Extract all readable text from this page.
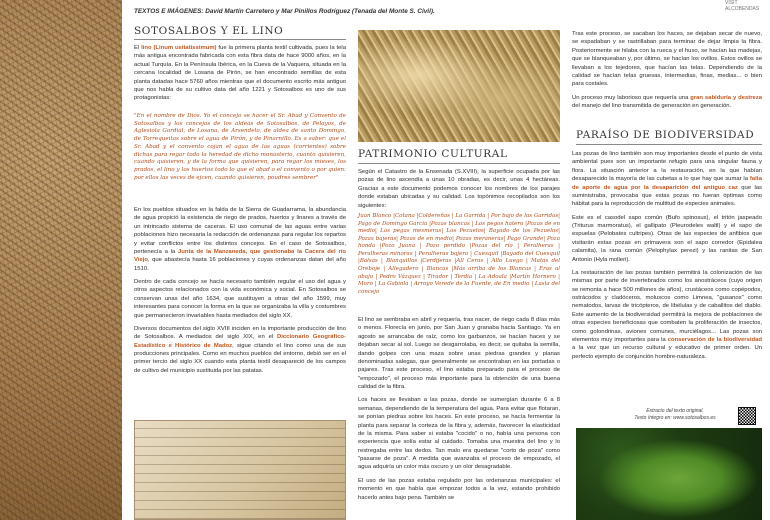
TEXTOS E IMÁGENES: David Martín Carretero y Mar Pinillos Rodríguez (Tenada del Monte S. Civil).
VISIT ALCOBENDAS
SOTOSALBOS Y EL LINO

El lino (Linum usitatissimum) fue la primera planta textil cultivada, pues la tela más antigua encontrada fabricada con esta fibra data de hace 9000 años, en la actual Turquía. En la Península Ibérica, en la Cueva de la Vaquera, situada en la cercana localidad de Losana de Pirón, se han encontrado semillas de esta planta datadas hace 5760 años mientras que el documento escrito más antiguo que nos habla de su cultivo data del año 1221 y Sotosalbos es uno de sus protagonistas:

"En el nombre de Dios. Yo el concejo se hacer el Sr. Abad y Convento de Sotosalbos y los concejos de los aldeas de Sotosalbos, de Pelayos, de Aglesiola Gordial, de Losana, de Arsendelo, de aldea de santo Domingo, de Torrequeitas sobre el agua de Pirón, y de Pinarnillo. Es a saber: que el Sr. Abad y el convento cojan el agua de las aguas (corrientes) sobre dichas para regar todo la heredad de dicho monasterio, cuanto quisieren, cuando quisieren, y de la forma que quisieren, para regar los mieses, los prados, el lino y los huertos todo lo que el abad o el convento o por quien: por ellos las veces de ejcen, cuando quisieren, poudres sembrer"

En los pueblos situados en la falda de la Sierra de Guadarrama, la abundancia de agua propició la existencia de riego de prados, huertos y linares a través de un intrincado sistema de caceras. El uso comunal de las aguas entre varias poblaciones hizo necesaria la redacción de ordenanzas para regular los repartos y evitar conflictos entre los distintos concejos. En el caso de Sotosalbos, pertenecía a la Junta de la Manzaneda, que gestionaba la Cacera del río Viejo, que abastecía hasta 16 poblaciones y cuyas ordenanzas datan del año 1510.

Dentro de cada concejo se hacía necesario también regular el uso del agua y otros aspectos relacionados con la vida económica y social. En Sotosalbos se conservan unas del año 1634, que sustituyen a otras del año 1599, muy interesantes para conocer la forma en la que se organizaba la villa y costumbres que permanecieron invariables hasta mediados del siglo XX.

Diversos documentos del siglo XVIII inciden en la importante producción de lino de Sotosalbos. A mediados del siglo XIX, en el Diccionario Geográfico-Estadístico e Histórico de Madoz, sigue citando el lino como una de sus producciones principales. Como en muchos pueblos del entorno, debió ser en el primer tercio del siglo XX cuando esta planta textil desapareció de los campos de cultivo del municipio sustituida por las patatas.

PATRIMONIO CULTURAL

Según el Catastro de la Ensenada (S.XVIII), la superficie ocupada por las pozas de lino ascendía a unas 10 obradas, es decir, unas 4 hectáreas. Gracias a este documento podemos conocer los nombres de los parajes donde estaban ubicadas y su calidad. Los topónimos recopilados son los siguientes:

Juan Blanco |Cotana |Coldereñas | La Garrida | Por bajo de las Garridas| Pago de Domingo Garcia |Pozas blancas | Los pegos hatero |Pozas de en medio| Las pegas mesmeras| Los Pezuelos| Bayado de los Pezuelos| Pozas bajeras| Pozas de en medio| Pozas meraneras| Pago Grande| Poza honda |Pozo Juana | Pozo perdido |Pozas del río | Peralheras | Peralheras minoras | Peralheras bajera | Cuesquil |Bayado del Cuesquil |Balsas | Blanquillos |Cerdijeras |All Ceras | Allo Luego | Matas del Oreboje | Allegadero | Blancas |Más arriba de los Blancas | Eras al abajo | Pedro Vázquez | Tirador | Terdia | La Adoala |Martín Hornero | Moro | La Gabiola | Arroyo Verede de la Fuente, de En medio | Lasla del concejo

El lino se sembraba en abril y requería, tras nacer, de riego cada 8 días más o menos. Florecía en junio, por San Juan y granaba hacia Santiago. Ya en agosto se arrancaba de raíz, como los garbanzos, se hacían haces y se dejaban secar al sol. Luego se desgarrolaba, es decir, se quitaba la semilla, dando golpes con una maza sobre unas piedras grandes y planas denominadas salegas, que generalmente se encontraban en las portadas o pajares. Tras este proceso, el lino estaba preparado para el proceso de "empozado", el proceso más importante para la obtención de una buena calidad de la fibra.

Los haces se llevaban a las pozas, donde se sumergían durante 6 a 8 semanas, dependiendo de la temperatura del agua. Para evitar que flotaran, se ponían piedras sobre los haces. En este proceso, se hacía fermentar la planta para separar la corteza de la fibra y, además, favorecer la elasticidad de la misma. Para saber si estaba "cocido" o no, había una persona con experiencia que solía estar al cuidado. Tomaba una muestra del lino y lo restregaba entre las dedos. Tan malo era quedarse "corto de poza" como "pasarse de poza". A medida que avanzaba el proceso de empozado, el agua adquiría un color más oscuro y un olor desagradable.

El uso de las pozas estaba regulado por las ordenanzas municipales: el momento en que había que empozar todos a la vez, estando prohibido hacerlo antes bajo pena. También se

Tras este proceso, se sacaban los haces, se dejaban secar de nuevo, se espadaban y se rastrillaban para terminar de dejar limpia la fibra. Posteriormente se hilaba con la rueca y el huso, se hacían las madejas, que se blanqueaban y, por último, se hacían los ovillos. Estos ovillos se llevaban a los tejedores, que hacían las telas. Dependiendo de la calidad se hacían telas gruesas, intermedias, finas, medias... o bien para costales.

Un proceso muy laborioso que requería una gran sabiduría y destreza del manejo del lino transmitida de generación en generación.

PARAÍSO DE BIODIVERSIDAD

Las pozas de lino también son muy importantes desde el punto de vista ambiental pues son un importante refugio para una singular fauna y flora. La situación anterior a la restauración, en la que habían desaparecido la mayoría de las cubetas a lo que hay que sumar la falta de aporte de agua por la desaparición del antiguo caz que las suministraba, provocaba que estas pozas no fueran óptimas como hábitat para la reproducción de multitud de especies animales.

Este es el casodel sapo común (Bufo spinosus), el tritón jaspeado (Triturus marmoratus), el gallipato (Pleurodeles waltl) y el sapo de espuelas (Pelobates cultripes). Otras de las especies de anfibios que visitarán estas pozas en primavera son el sapo corredor (Epidalea calamita), la rana común (Pelophylax perezi) y las ranitas de San Antonio (Hyla molleri).

La restauración de las pozas también permitirá la colonización de las mismas por parte de invertebrados como los anostráceos (cuyo origen se remonta a hace 500 millones de años), crustáceos como copépodos, ostrácodos y cladóceros, moluscos como Limnea, "gusanos" como nematodos, larvas de tricópteros, de libélulas y de caballitos del diablo. Este aumento de la biodiversidad permitirá la mejora de poblaciones de otras especies beneficiosas que combaten la proliferación de insectos, como golondrinas, aviones comunes, murciélagos... Las pozas son elementos muy importantes para la conservación de la biodiversidad a la vez que un recurso cultural y educativo de primer orden. Un perfecto ejemplo de conjunción hombre-naturaleza.

Extracto del texto original.
Texto íntegro en: www.sotosalbos.es
